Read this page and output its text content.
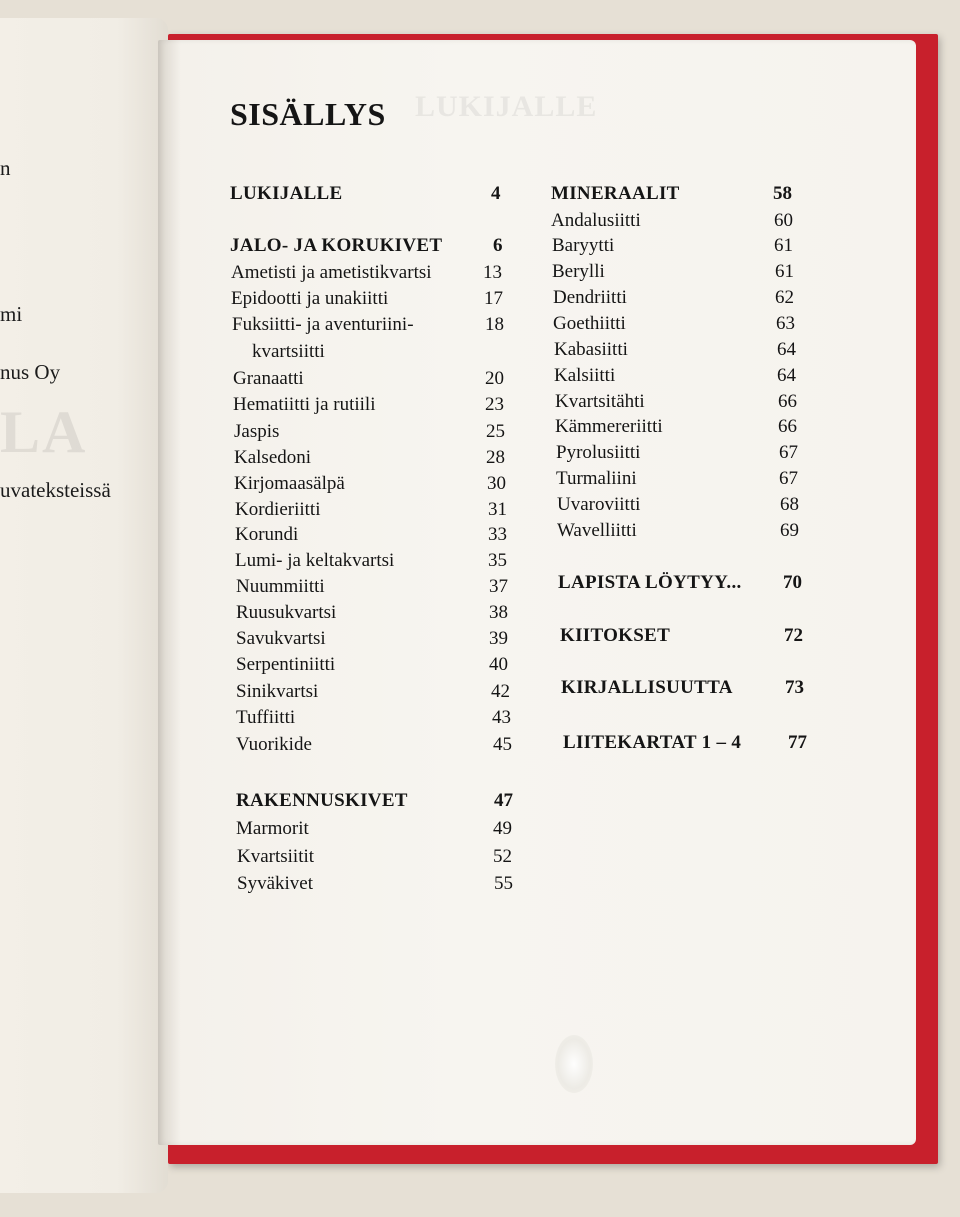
LA
n
mi
nus Oy
uvateksteissä
LUKIJALLE
SISÄLLYS
LUKIJALLE	4
JALO- JA KORUKIVET	6
Ametisti ja ametistikvartsi	13
Epidootti ja unakiitti	17
Fuksiitti- ja aventuriini-	18
kvartsiitti
Granaatti	20
Hematiitti ja rutiili	23
Jaspis	25
Kalsedoni	28
Kirjomaasälpä	30
Kordieriitti	31
Korundi	33
Lumi- ja keltakvartsi	35
Nuummiitti	37
Ruusukvartsi	38
Savukvartsi	39
Serpentiniitti	40
Sinikvartsi	42
Tuffiitti	43
Vuorikide	45
RAKENNUSKIVET	47
Marmorit	49
Kvartsiitit	52
Syväkivet	55
MINERAALIT	58
Andalusiitti	60
Baryytti	61
Berylli	61
Dendriitti	62
Goethiitti	63
Kabasiitti	64
Kalsiitti	64
Kvartsitähti	66
Kämmereriitti	66
Pyrolusiitti	67
Turmaliini	67
Uvaroviitti	68
Wavelliitti	69
LAPISTA LÖYTYY... 70
KIITOKSET	72
KIRJALLISUUTTA	73
LIITEKARTAT 1 – 4 77
